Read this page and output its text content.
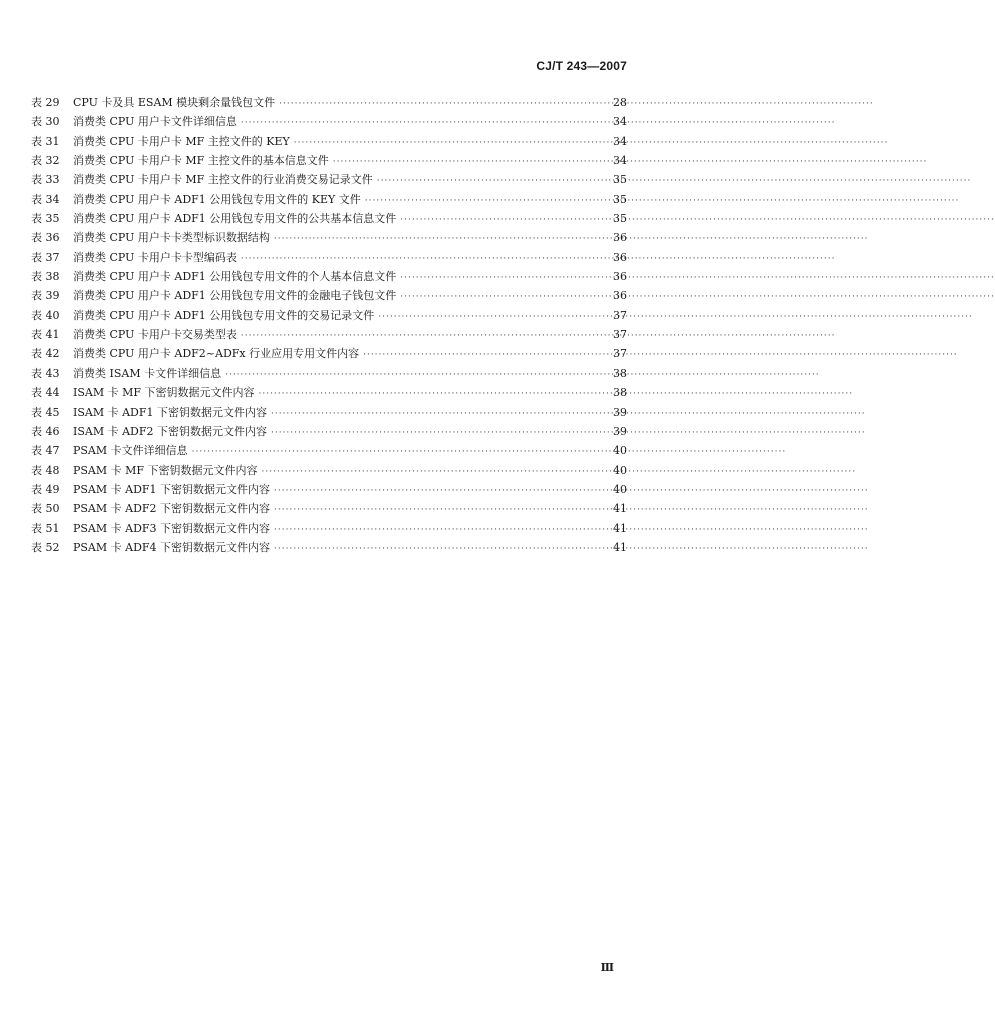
CJ/T 243—2007
表 29	CPU 卡及具 ESAM 模块剩余量钱包文件 ·····	28
表 30	消费类 CPU 用户卡文件详细信息 ·····	34
表 31	消费类 CPU 卡用户卡 MF 主控文件的 KEY ·····	34
表 32	消费类 CPU 卡用户卡 MF 主控文件的基本信息文件 ·····	34
表 33	消费类 CPU 卡用户卡 MF 主控文件的行业消费交易记录文件 ·····	35
表 34	消费类 CPU 用户卡 ADF1 公用钱包专用文件的 KEY 文件 ·····	35
表 35	消费类 CPU 用户卡 ADF1 公用钱包专用文件的公共基本信息文件 ·····	35
表 36	消费类 CPU 用户卡卡类型标识数据结构 ·····	36
表 37	消费类 CPU 卡用户卡卡型编码表 ·····	36
表 38	消费类 CPU 用户卡 ADF1 公用钱包专用文件的个人基本信息文件 ·····	36
表 39	消费类 CPU 用户卡 ADF1 公用钱包专用文件的金融电子钱包文件 ·····	36
表 40	消费类 CPU 用户卡 ADF1 公用钱包专用文件的交易记录文件 ·····	37
表 41	消费类 CPU 卡用户卡交易类型表 ·····	37
表 42	消费类 CPU 用户卡 ADF2~ADFx 行业应用专用文件内容 ·····	37
表 43	消费类 ISAM 卡文件详细信息 ·····	38
表 44	ISAM 卡 MF 下密钥数据元文件内容 ·····	38
表 45	ISAM 卡 ADF1 下密钥数据元文件内容 ·····	39
表 46	ISAM 卡 ADF2 下密钥数据元文件内容 ·····	39
表 47	PSAM 卡文件详细信息 ·····	40
表 48	PSAM 卡 MF 下密钥数据元文件内容 ·····	40
表 49	PSAM 卡 ADF1 下密钥数据元文件内容 ·····	40
表 50	PSAM 卡 ADF2 下密钥数据元文件内容 ·····	41
表 51	PSAM 卡 ADF3 下密钥数据元文件内容 ·····	41
表 52	PSAM 卡 ADF4 下密钥数据元文件内容 ·····	41
Ⅲ
